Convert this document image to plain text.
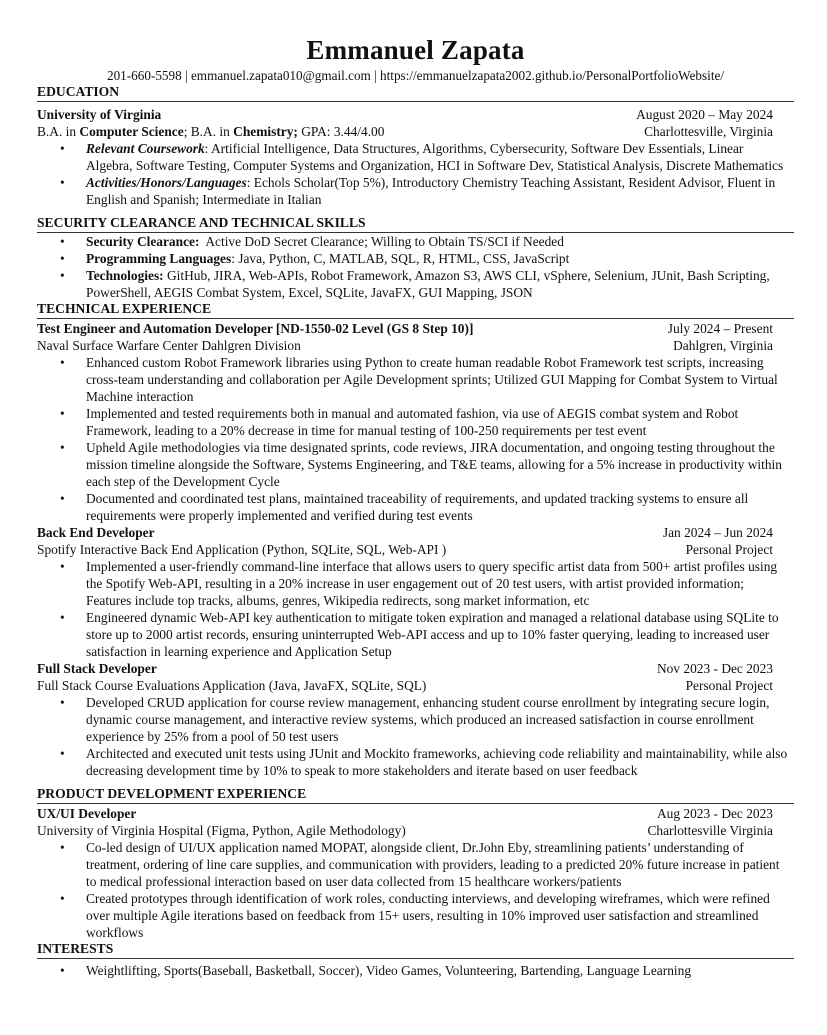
Emmanuel Zapata
201-660-5598 | emmanuel.zapata010@gmail.com | https://emmanuelzapata2002.github.io/PersonalPortfolioWebsite/
EDUCATION
University of Virginia	August 2020 – May 2024
B.A. in Computer Science; B.A. in Chemistry; GPA: 3.44/4.00	Charlottesville, Virginia
• Relevant Coursework: Artificial Intelligence, Data Structures, Algorithms, Cybersecurity, Software Dev Essentials, Linear Algebra, Software Testing, Computer Systems and Organization, HCI in Software Dev, Statistical Analysis, Discrete Mathematics
• Activities/Honors/Languages: Echols Scholar(Top 5%), Introductory Chemistry Teaching Assistant, Resident Advisor, Fluent in English and Spanish; Intermediate in Italian
SECURITY CLEARANCE AND TECHNICAL SKILLS
• Security Clearance:  Active DoD Secret Clearance; Willing to Obtain TS/SCI if Needed
• Programming Languages: Java, Python, C, MATLAB, SQL, R, HTML, CSS, JavaScript
• Technologies: GitHub, JIRA, Web-APIs, Robot Framework, Amazon S3, AWS CLI, vSphere, Selenium, JUnit, Bash Scripting, PowerShell, AEGIS Combat System, Excel, SQLite, JavaFX, GUI Mapping, JSON
TECHNICAL EXPERIENCE
Test Engineer and Automation Developer [ND-1550-02 Level (GS 8 Step 10)]	July 2024 – Present
Naval Surface Warfare Center Dahlgren Division	Dahlgren, Virginia
• Enhanced custom Robot Framework libraries using Python to create human readable Robot Framework test scripts, increasing cross-team understanding and collaboration per Agile Development sprints; Utilized GUI Mapping for Combat System to Virtual Machine interaction
• Implemented and tested requirements both in manual and automated fashion, via use of AEGIS combat system and Robot Framework, leading to a 20% decrease in time for manual testing of 100-250 requirements per test event
• Upheld Agile methodologies via time designated sprints, code reviews, JIRA documentation, and ongoing testing throughout the mission timeline alongside the Software, Systems Engineering, and T&E teams, allowing for a 5% increase in productivity within each step of the Development Cycle
• Documented and coordinated test plans, maintained traceability of requirements, and updated tracking systems to ensure all requirements were properly implemented and verified during test events
Back End Developer	Jan 2024 – Jun 2024
Spotify Interactive Back End Application (Python, SQLite, SQL, Web-API )	Personal Project
• Implemented a user-friendly command-line interface that allows users to query specific artist data from 500+ artist profiles using the Spotify Web-API, resulting in a 20% increase in user engagement out of 20 test users, with artist provided information; Features include top tracks, albums, genres, Wikipedia redirects, song market information, etc
• Engineered dynamic Web-API key authentication to mitigate token expiration and managed a relational database using SQLite to store up to 2000 artist records, ensuring uninterrupted Web-API access and up to 10% faster querying, leading to increased user satisfaction in learning experience and Application Setup
Full Stack Developer	Nov 2023 - Dec 2023
Full Stack Course Evaluations Application (Java, JavaFX, SQLite, SQL)	Personal Project
• Developed CRUD application for course review management, enhancing student course enrollment by integrating secure login, dynamic course management, and interactive review systems, which produced an increased satisfaction in course enrollment experience by 25% from a pool of 50 test users
• Architected and executed unit tests using JUnit and Mockito frameworks, achieving code reliability and maintainability, while also decreasing development time by 10% to speak to more stakeholders and iterate based on user feedback
PRODUCT DEVELOPMENT EXPERIENCE
UX/UI Developer	Aug 2023 - Dec 2023
University of Virginia Hospital (Figma, Python, Agile Methodology)	Charlottesville Virginia
• Co-led design of UI/UX application named MOPAT, alongside client, Dr.John Eby, streamlining patients’ understanding of treatment, ordering of line care supplies, and communication with providers, leading to a predicted 20% future increase in patient to medical professional interaction based on user data collected from 15 healthcare workers/patients
• Created prototypes through identification of work roles, conducting interviews, and developing wireframes, which were refined over multiple Agile iterations based on feedback from 15+ users, resulting in 10% improved user satisfaction and streamlined workflows
INTERESTS
• Weightlifting, Sports(Baseball, Basketball, Soccer), Video Games, Volunteering, Bartending, Language Learning
